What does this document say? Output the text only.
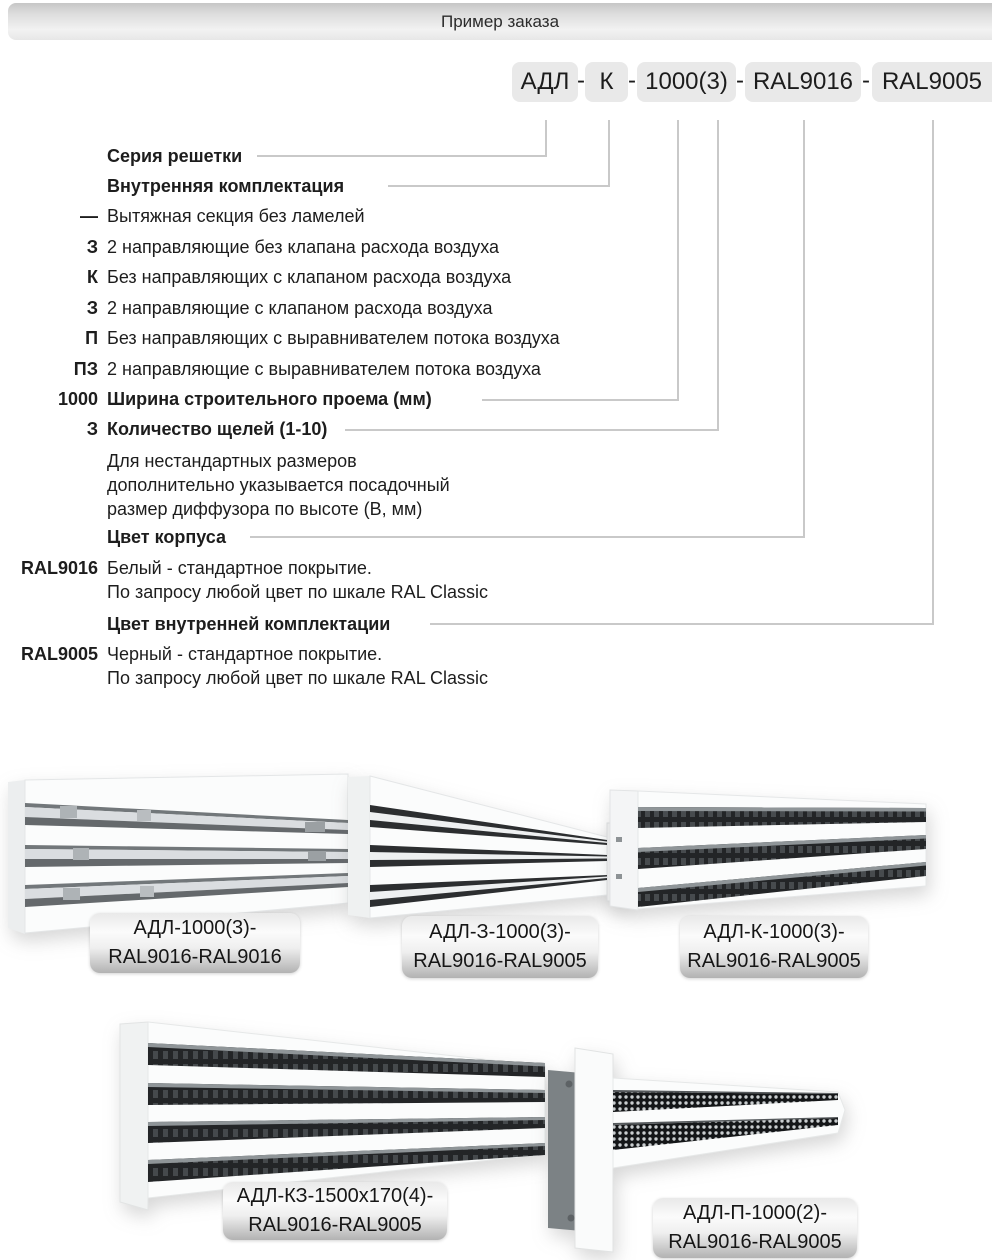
Пример заказа
АДЛ - К - 1000(3) - RAL9016 - RAL9005
Серия решетки
Внутренняя комплектация
— Вытяжная секция без ламелей
З 2 направляющие без клапана расхода воздуха
К Без направляющих с клапаном расхода воздуха
З 2 направляющие с клапаном расхода воздуха
П Без направляющих с выравнивателем потока воздуха
ПЗ 2 направляющие с выравнивателем потока воздуха
1000 Ширина строительного проема (мм)
З Количество щелей (1-10)
Для нестандартных размеров
дополнительно указывается посадочный
размер диффузора по высоте (В, мм)
Цвет корпуса
RAL9016 Белый - стандартное покрытие.
По запросу любой цвет по шкале RAL Classic
Цвет внутренней комплектации
RAL9005 Черный - стандартное покрытие.
По запросу любой цвет по шкале RAL Classic
АДЛ-1000(3)-
RAL9016-RAL9016
АДЛ-З-1000(3)-
RAL9016-RAL9005
АДЛ-К-1000(3)-
RAL9016-RAL9005
АДЛ-КЗ-1500х170(4)-
RAL9016-RAL9005
АДЛ-П-1000(2)-
RAL9016-RAL9005
